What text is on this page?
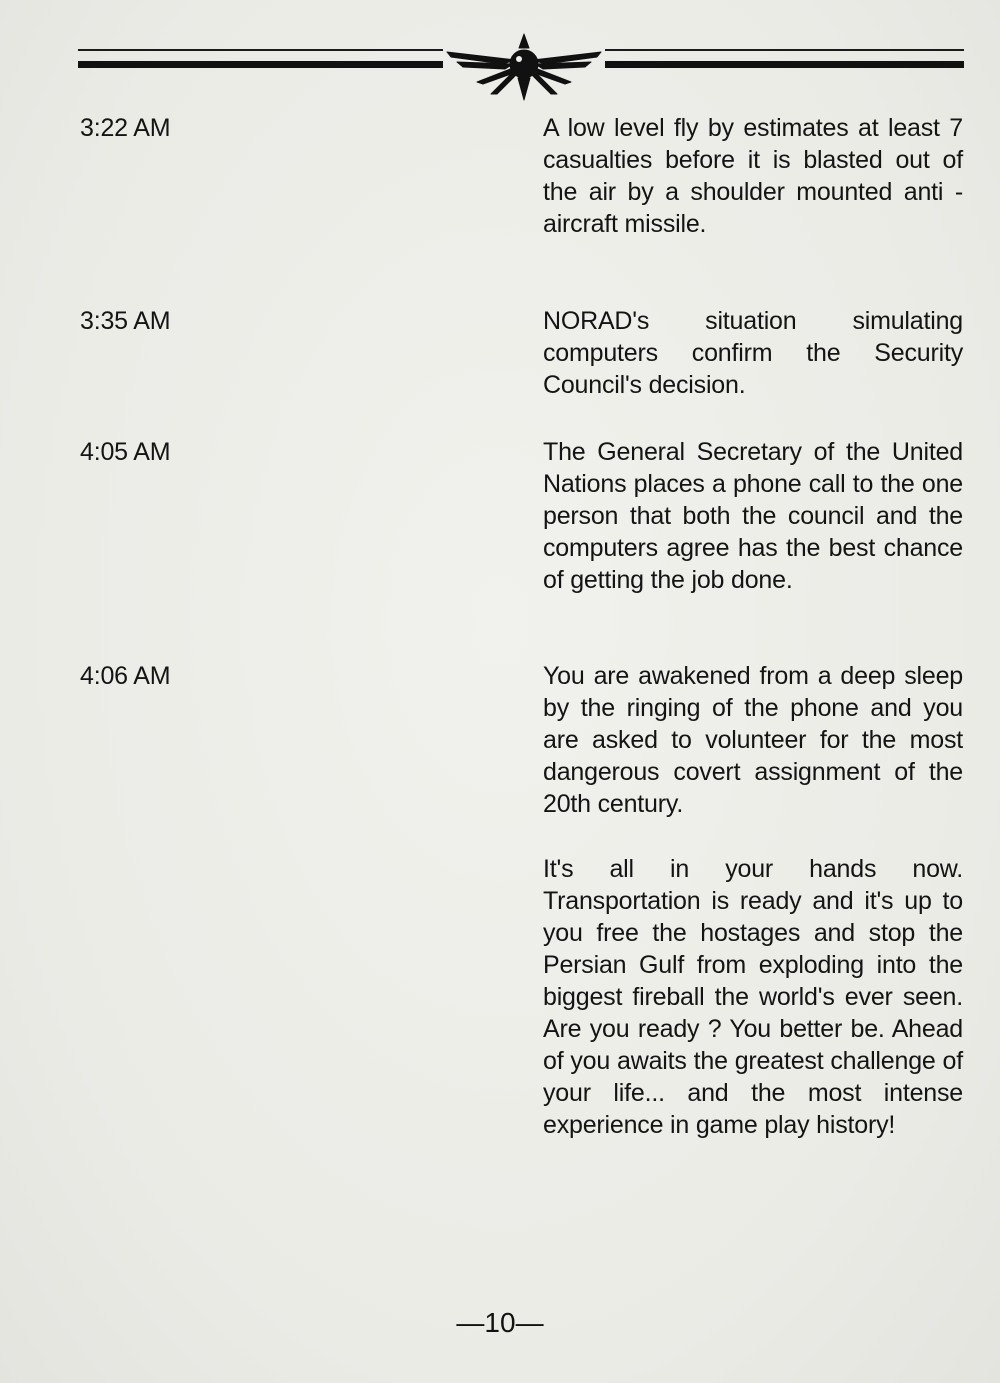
3:22 AM	A low level fly by estimates at least 7 casualties before it is blasted out of the air by a shoulder mounted anti - aircraft missile.
3:35 AM	NORAD's situation simulating computers confirm the Security Council's decision.
4:05 AM	The General Secretary of the United Nations places a phone call to the one person that both the council and the computers agree has the best chance of getting the job done.
4:06 AM	You are awakened from a deep sleep by the ringing of the phone and you are asked to volunteer for the most dangerous covert assignment of the 20th century.
It's all in your hands now. Transportation is ready and it's up to you free the hostages and stop the Persian Gulf from exploding into the biggest fireball the world's ever seen. Are you ready ? You better be. Ahead of you awaits the greatest challenge of your life... and the most intense experience in game play history!
—10—
